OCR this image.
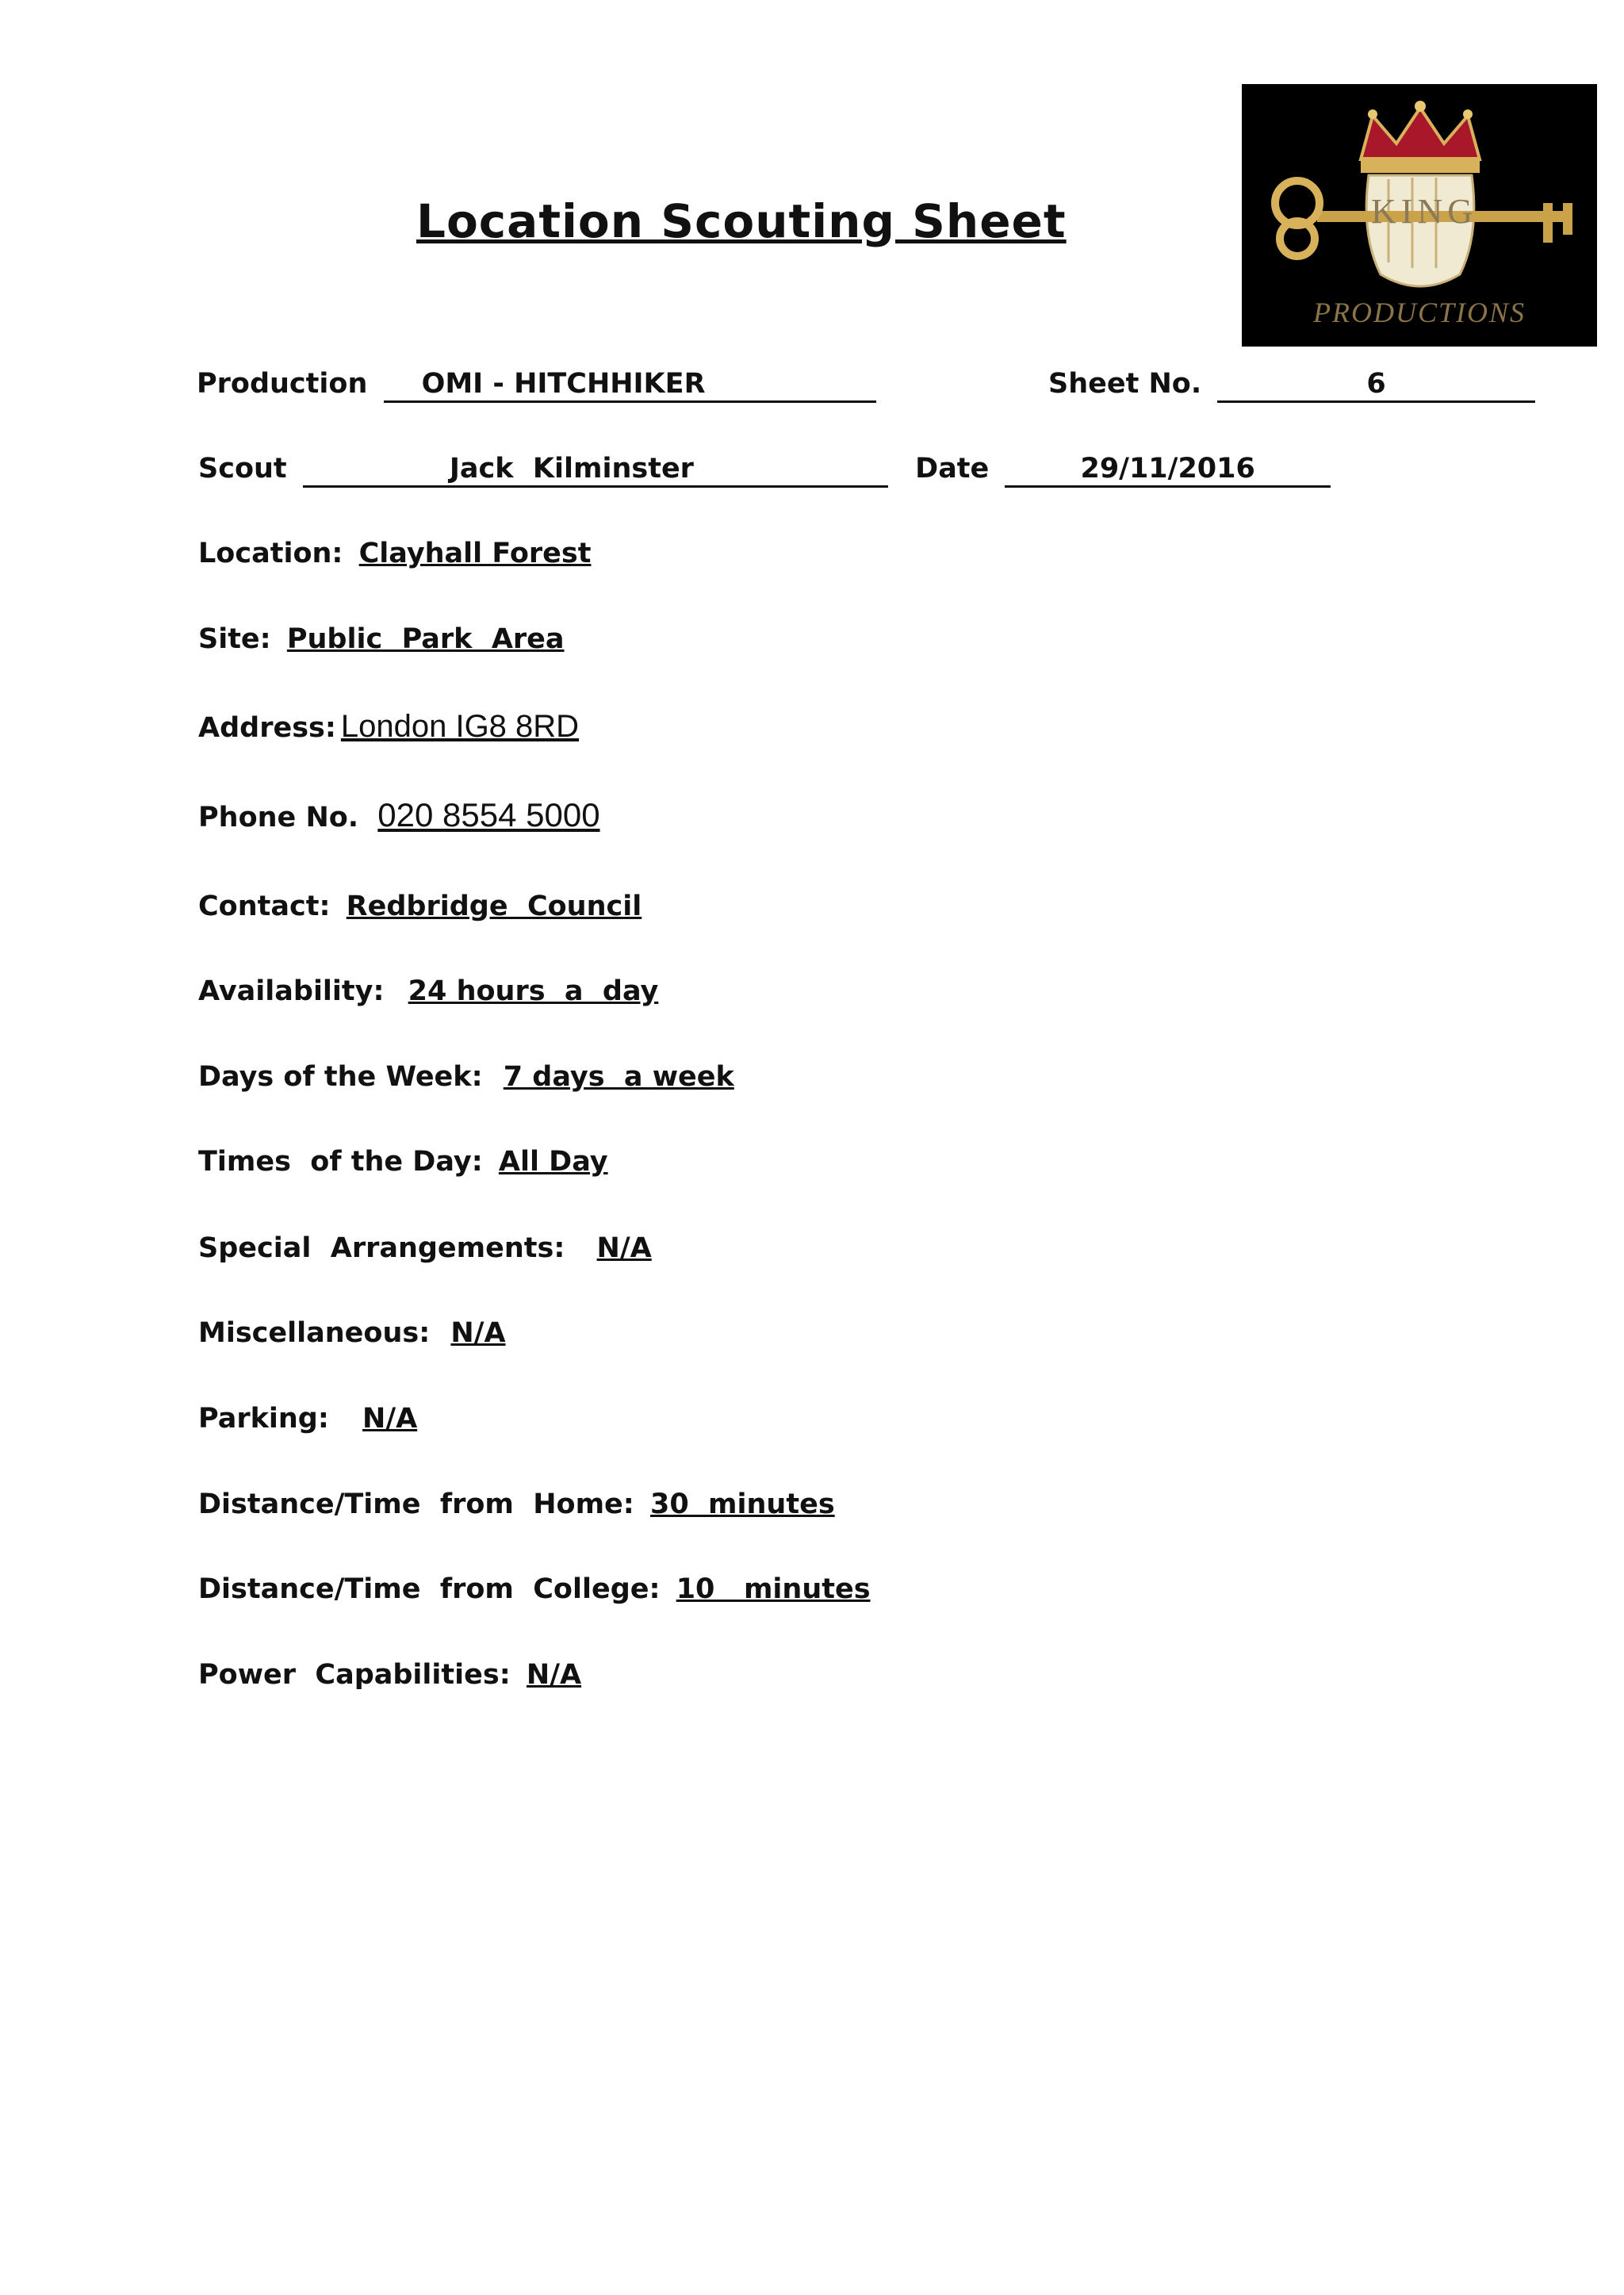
Location Scouting Sheet	KING
PRODUCTIONS
Production OMI - HITCHHIKER	Sheet No.	6
Scout	Jack  Kilminster	Date	29/11/2016
Location: Clayhall Forest
Site: Public  Park  Area
Address: London IG8 8RD
Phone No. 020 8554 5000
Contact: Redbridge  Council
Availability: 24 hours  a  day
Days of the Week: 7 days  a week
Times  of the Day: All Day
Special  Arrangements: N/A
Miscellaneous: N/A
Parking: N/A
Distance/Time  from  Home: 30  minutes
Distance/Time  from  College: 10   minutes
Power  Capabilities: N/A
